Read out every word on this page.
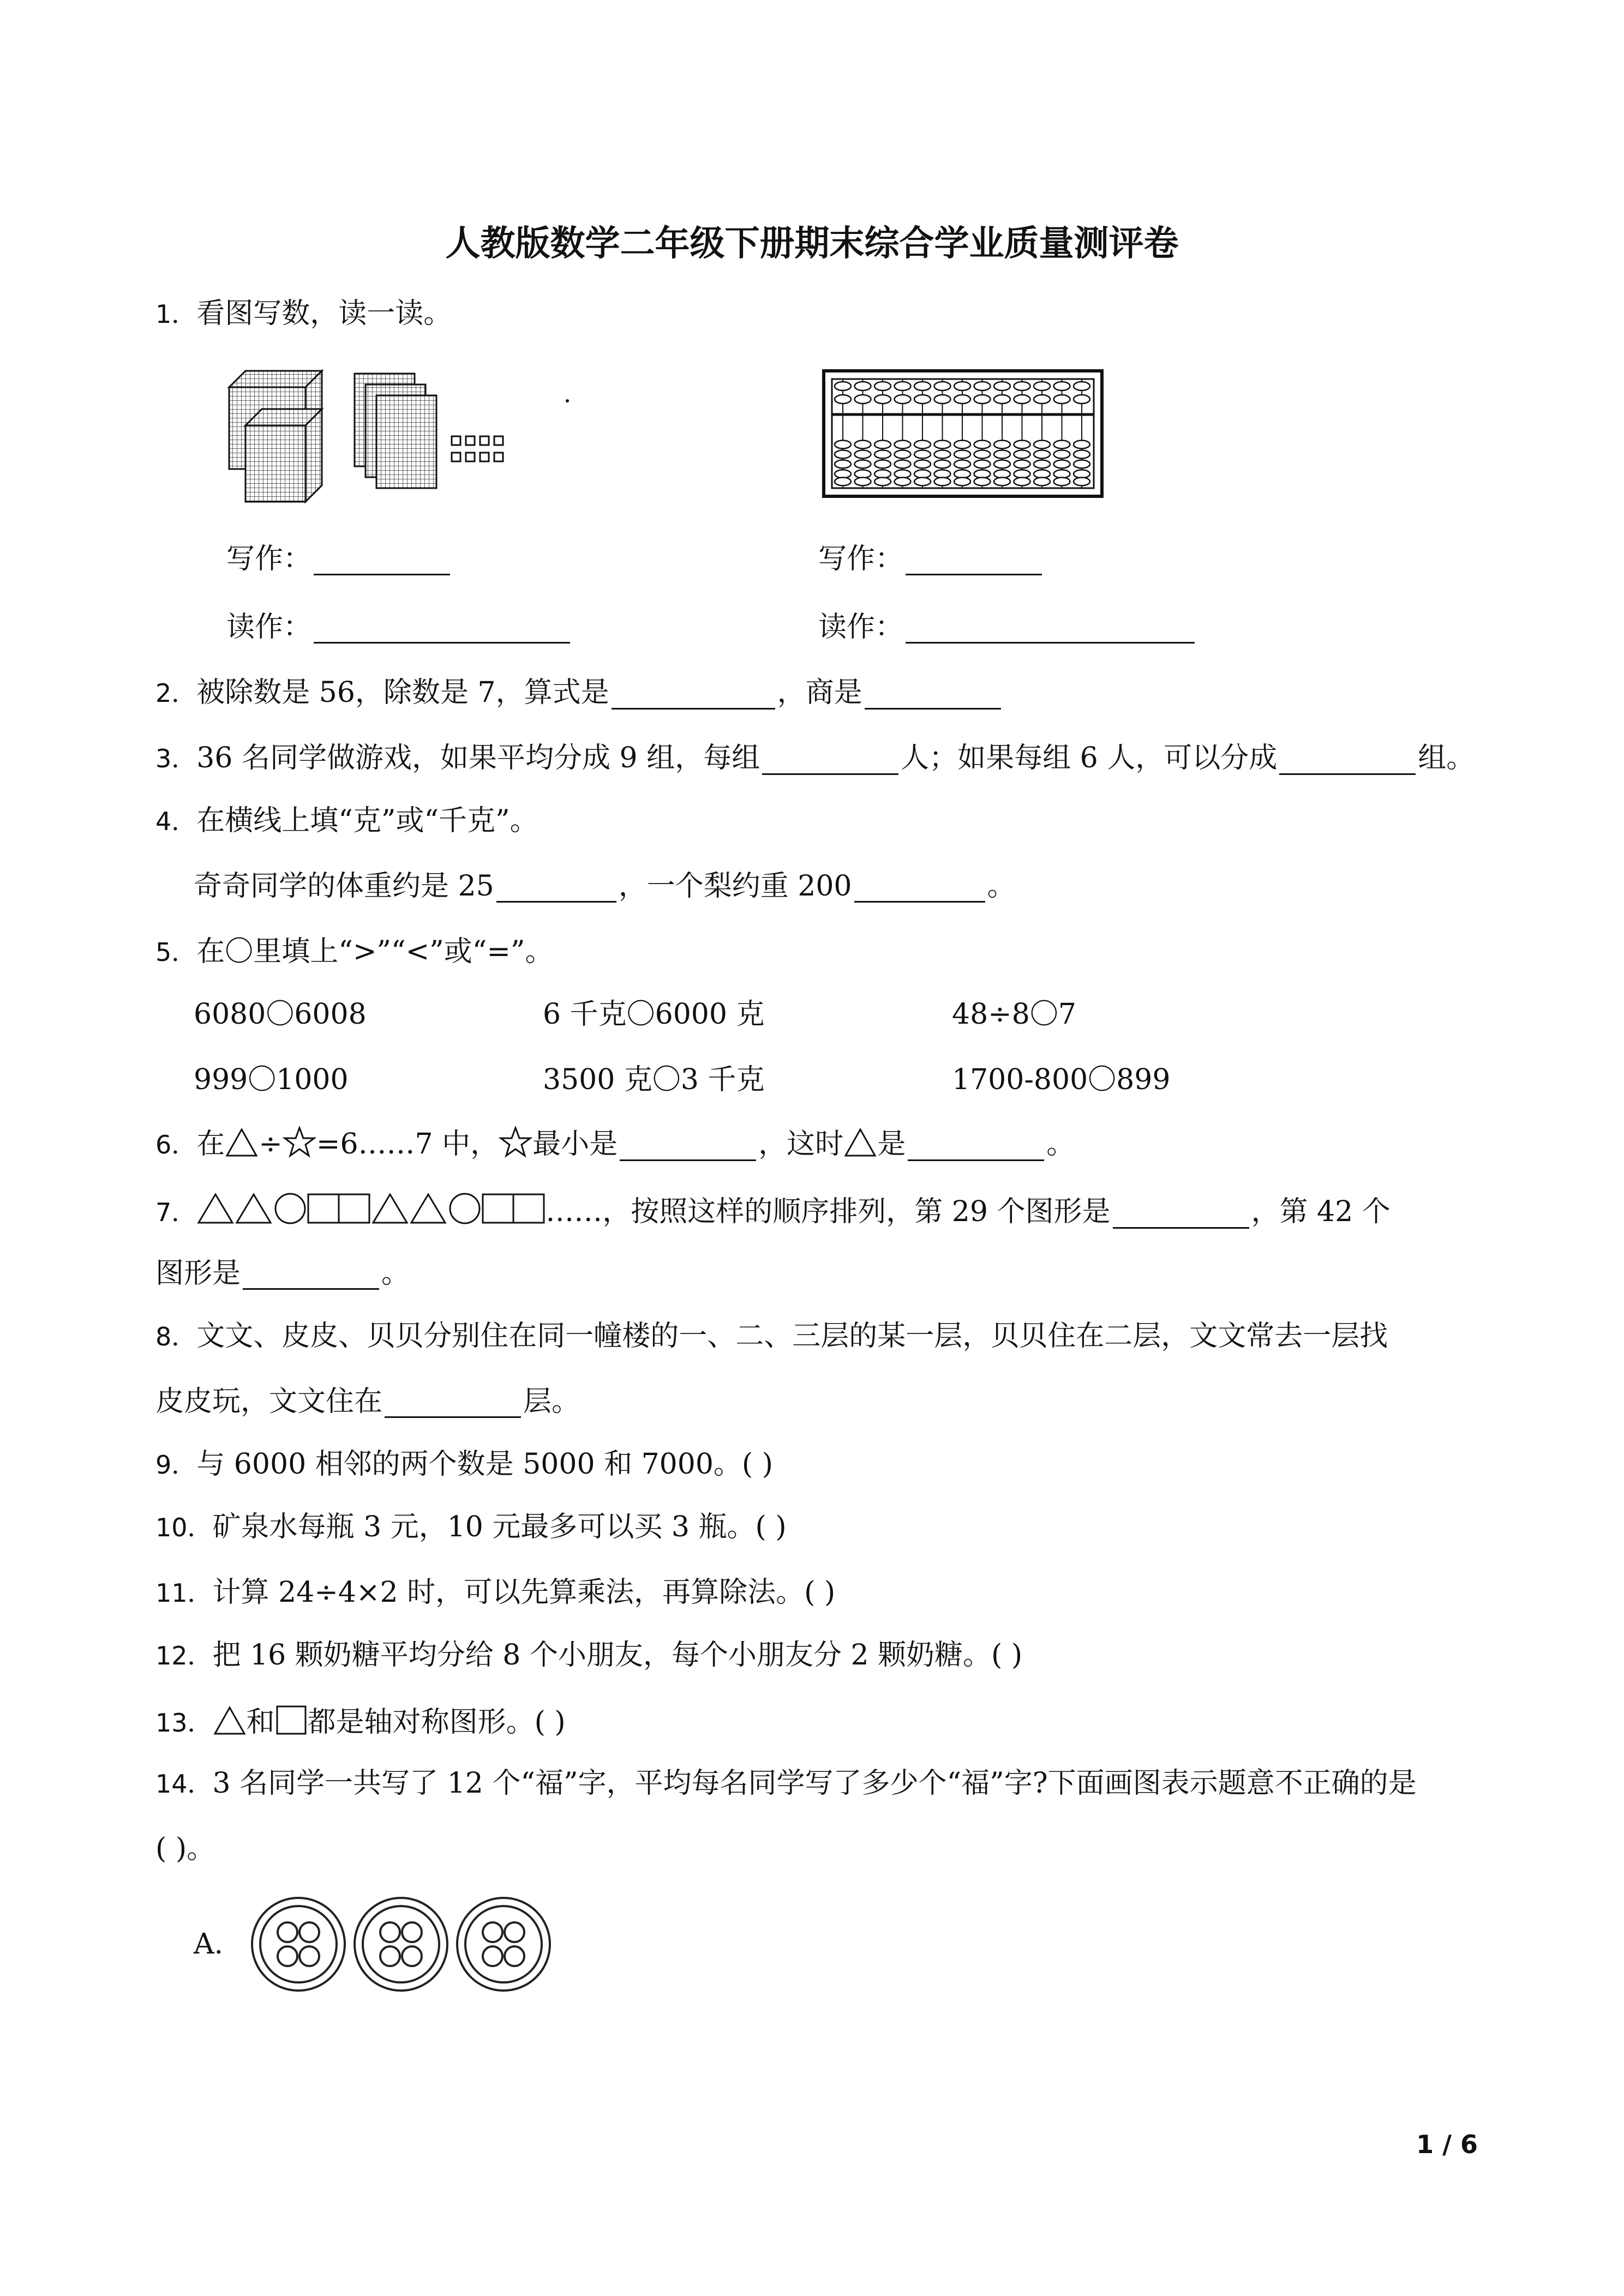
人教版数学二年级下册期末综合学业质量测评卷
1．看图写数，读一读。
写作：	写作：
读作：	读作：
2．被除数是 56，除数是 7，算式是	，商是
3．36 名同学做游戏，如果平均分成 9 组，每组	人；如果每组 6 人，可以分成	组。
4．在横线上填“克”或“千克”。
奇奇同学的体重约是 25	，一个梨约重 200	。
5．在〇里填上“>”“<”或“=”。
6080〇6008	6 千克〇6000 克	48÷8〇7
999〇1000	3500 克〇3 千克	1700-800〇899
6．在 ÷ =6……7 中， 最小是	，这时 是	。
7．	……，按照这样的顺序排列，第 29 个图形是	，第 42 个
图形是	。
8．文文、皮皮、贝贝分别住在同一幢楼的一、二、三层的某一层，贝贝住在二层，文文常去一层找
皮皮玩，文文住在	层。
9．与 6000 相邻的两个数是 5000 和 7000。( )
10．矿泉水每瓶 3 元，10 元最多可以买 3 瓶。( )
11．计算 24÷4×2 时，可以先算乘法，再算除法。( )
12．把 16 颗奶糖平均分给 8 个小朋友，每个小朋友分 2 颗奶糖。( )
13． 和 都是轴对称图形。( )
14．3 名同学一共写了 12 个“福”字，平均每名同学写了多少个“福”字?下面画图表示题意不正确的是
( )。
A.
1 / 6
